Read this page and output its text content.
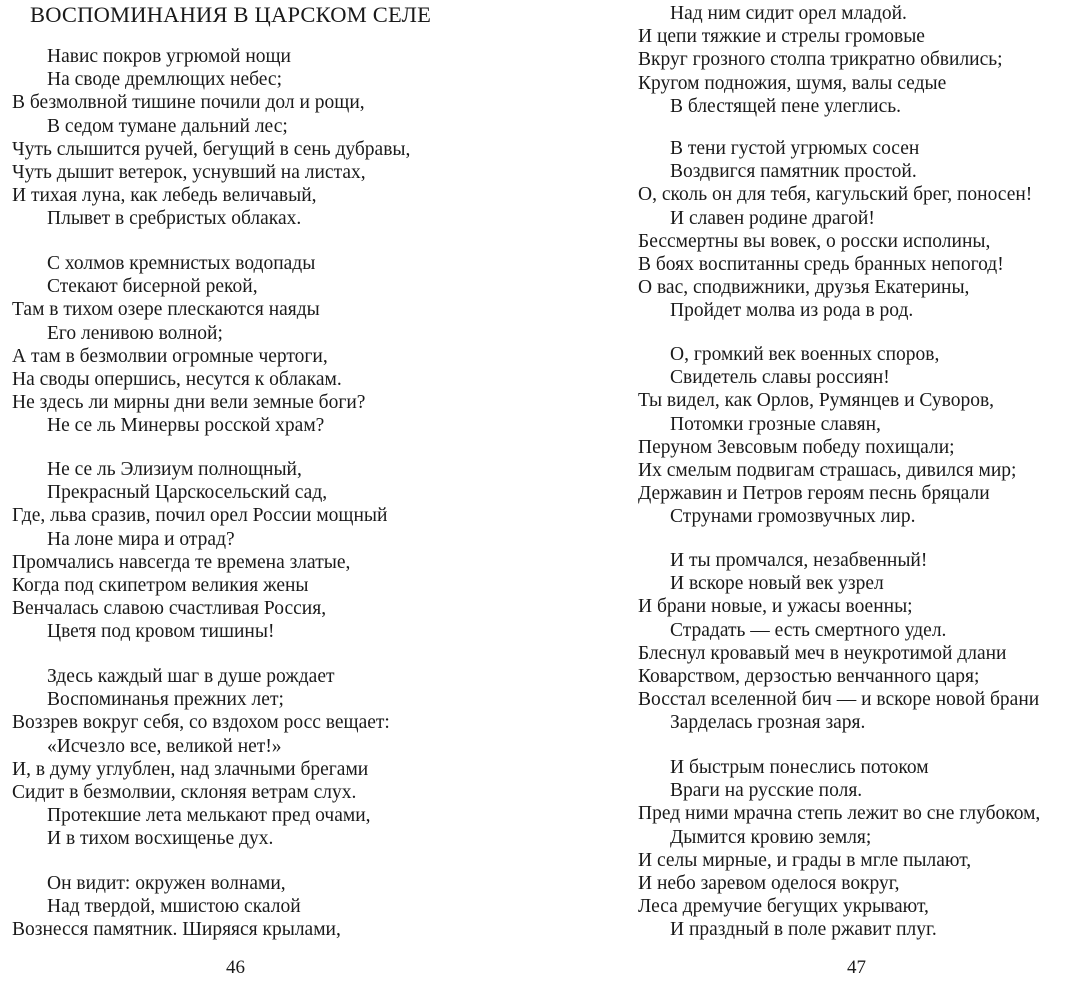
ВОСПОМИНАНИЯ В ЦАРСКОМ СЕЛЕ
Навис покров угрюмой нощи
На своде дремлющих небес;
В безмолвной тишине почили дол и рощи,
В седом тумане дальний лес;
Чуть слышится ручей, бегущий в сень дубравы,
Чуть дышит ветерок, уснувший на листах,
И тихая луна, как лебедь величавый,
Плывет в сребристых облаках.
С холмов кремнистых водопады
Стекают бисерной рекой,
Там в тихом озере плескаются наяды
Его ленивою волной;
А там в безмолвии огромные чертоги,
На своды опершись, несутся к облакам.
Не здесь ли мирны дни вели земные боги?
Не се ль Минервы росской храм?
Не се ль Элизиум полнощный,
Прекрасный Царскосельский сад,
Где, льва сразив, почил орел России мощный
На лоне мира и отрад?
Промчались навсегда те времена златые,
Когда под скипетром великия жены
Венчалась славою счастливая Россия,
Цветя под кровом тишины!
Здесь каждый шаг в душе рождает
Воспоминанья прежних лет;
Воззрев вокруг себя, со вздохом росс вещает:
«Исчезло все, великой нет!»
И, в думу углублен, над злачными брегами
Сидит в безмолвии, склоняя ветрам слух.
Протекшие лета мелькают пред очами,
И в тихом восхищенье дух.
Он видит: окружен волнами,
Над твердой, мшистою скалой
Вознесся памятник. Ширяяся крылами,
46
Над ним сидит орел младой.
И цепи тяжкие и стрелы громовые
Вкруг грозного столпа трикратно обвились;
Кругом подножия, шумя, валы седые
В блестящей пене улеглись.
В тени густой угрюмых сосен
Воздвигся памятник простой.
О, сколь он для тебя, кагульский брег, поносен!
И славен родине драгой!
Бессмертны вы вовек, о росски исполины,
В боях воспитанны средь бранных непогод!
О вас, сподвижники, друзья Екатерины,
Пройдет молва из рода в род.
О, громкий век военных споров,
Свидетель славы россиян!
Ты видел, как Орлов, Румянцев и Суворов,
Потомки грозные славян,
Перуном Зевсовым победу похищали;
Их смелым подвигам страшась, дивился мир;
Державин и Петров героям песнь бряцали
Струнами громозвучных лир.
И ты промчался, незабвенный!
И вскоре новый век узрел
И брани новые, и ужасы военны;
Страдать — есть смертного удел.
Блеснул кровавый меч в неукротимой длани
Коварством, дерзостью венчанного царя;
Восстал вселенной бич — и вскоре новой брани
Зарделась грозная заря.
И быстрым понеслись потоком
Враги на русские поля.
Пред ними мрачна степь лежит во сне глубоком,
Дымится кровию земля;
И селы мирные, и грады в мгле пылают,
И небо заревом оделося вокруг,
Леса дремучие бегущих укрывают,
И праздный в поле ржавит плуг.
47
